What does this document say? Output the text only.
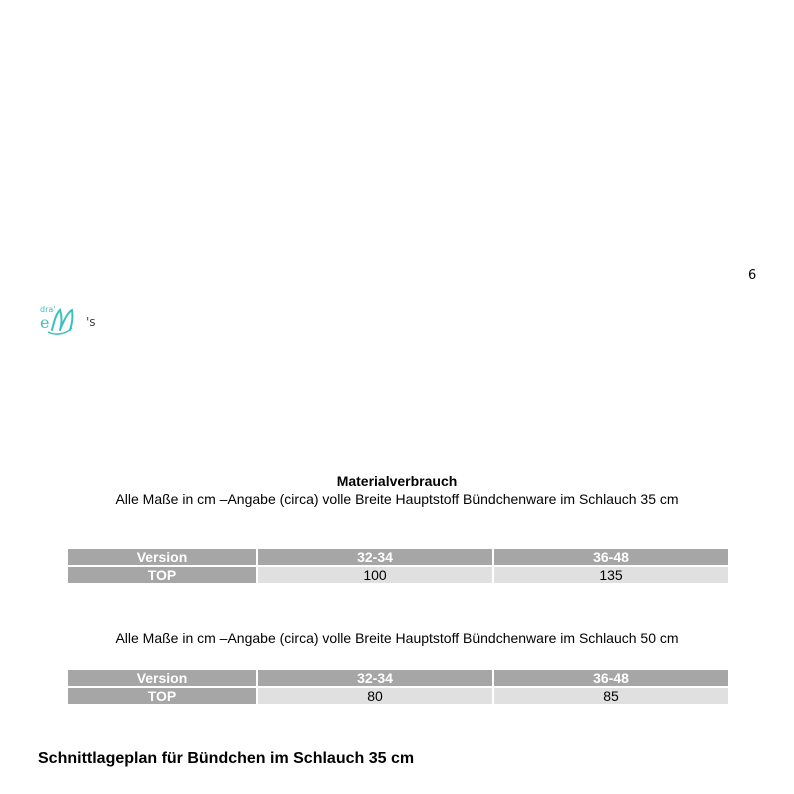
6
dra'
e	's
Materialverbrauch
Alle Maße in cm –Angabe (circa) volle Breite Hauptstoff Bündchenware im Schlauch 35 cm
Version	32-34	36-48
TOP	100	135
Alle Maße in cm –Angabe (circa) volle Breite Hauptstoff Bündchenware im Schlauch 50 cm
Version	32-34	36-48
TOP	80	85
Schnittlageplan für Bündchen im Schlauch 35 cm
